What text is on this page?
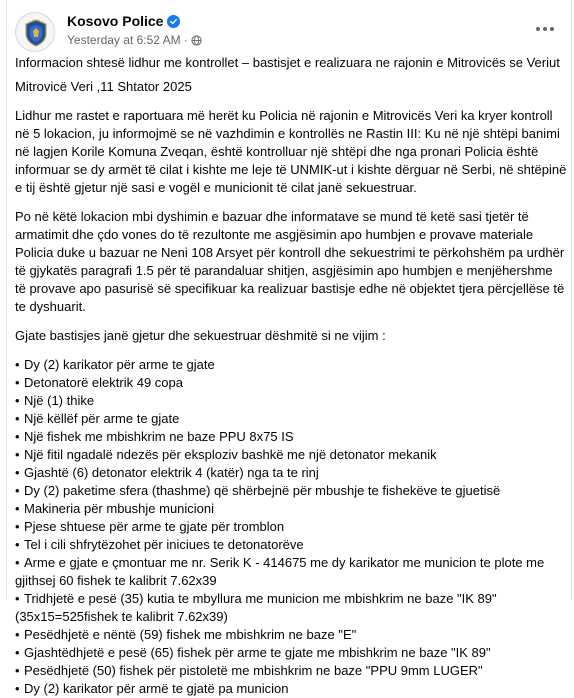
Kosovo Police
Yesterday at 6:52 AM ·

Informacion shtesë lidhur me kontrollet – bastisjet e realizuara ne rajonin e Mitrovicës se Veriut

Mitrovicë Veri ,11 Shtator 2025

Lidhur me rastet e raportuara më herët ku Policia në rajonin e Mitrovicës Veri ka kryer kontroll në 5 lokacion, ju informojmë se në vazhdimin e kontrollës ne Rastin III: Ku në një shtëpi banimi në lagjen Korile Komuna Zveqan, është kontrolluar një shtëpi dhe nga pronari Policia është informuar se dy armët të cilat i kishte me leje të UNMIK-ut i kishte dërguar në Serbi, në shtëpinë e tij është gjetur një sasi e vogël e municionit të cilat janë sekuestruar.

Po në këtë lokacion mbi dyshimin e bazuar dhe informatave se mund të ketë sasi tjetër të armatimit dhe çdo vones do të rezultonte me asgjësimin apo humbjen e provave materiale Policia duke u bazuar ne Neni 108 Arsyet për kontroll dhe sekuestrimi te përkohshëm pa urdhër të gjykatës paragrafi 1.5 për të parandaluar shitjen, asgjësimin apo humbjen e menjëhershme të provave apo pasurisë së specifikuar ka realizuar bastisje edhe në objektet tjera përcjellëse të te dyshuarit.

Gjate bastisjes janë gjetur dhe sekuestruar dëshmitë si ne vijim :

• Dy (2) karikator për arme te gjate
• Detonatorë elektrik 49 copa
• Një (1) thike
• Një këllëf për arme te gjate
• Një fishek me mbishkrim ne baze PPU 8x75 IS
• Një fitil ngadalë ndezës për eksploziv bashkë me një detonator mekanik
• Gjashtë (6) detonator elektrik 4 (katër) nga ta te rinj
• Dy (2) paketime sfera (thashme) që shërbejnë për mbushje te fishekëve te gjuetisë
• Makineria për mbushje municioni
• Pjese shtuese për arme te gjate për tromblon
• Tel i cili shfrytëzohet për iniciues te detonatorëve
• Arme e gjate e çmontuar me nr. Serik K - 414675 me dy karikator me municion te plote me gjithsej 60 fishek te kalibrit 7.62x39
• Tridhjetë e pesë (35) kutia te mbyllura me municion me mbishkrim ne baze "IK 89"(35x15=525fishek te kalibrit 7.62x39)
• Pesëdhjetë e nëntë (59) fishek me mbishkrim ne baze "E"
• Gjashtëdhjetë e pesë (65) fishek për arme te gjate me mbishkrim ne baze "IK 89"
• Pesëdhjetë (50) fishek për pistoletë me mbishkrim ne baze "PPU 9mm LUGER"
• Dy (2) karikator për armë te gjatë pa municion
